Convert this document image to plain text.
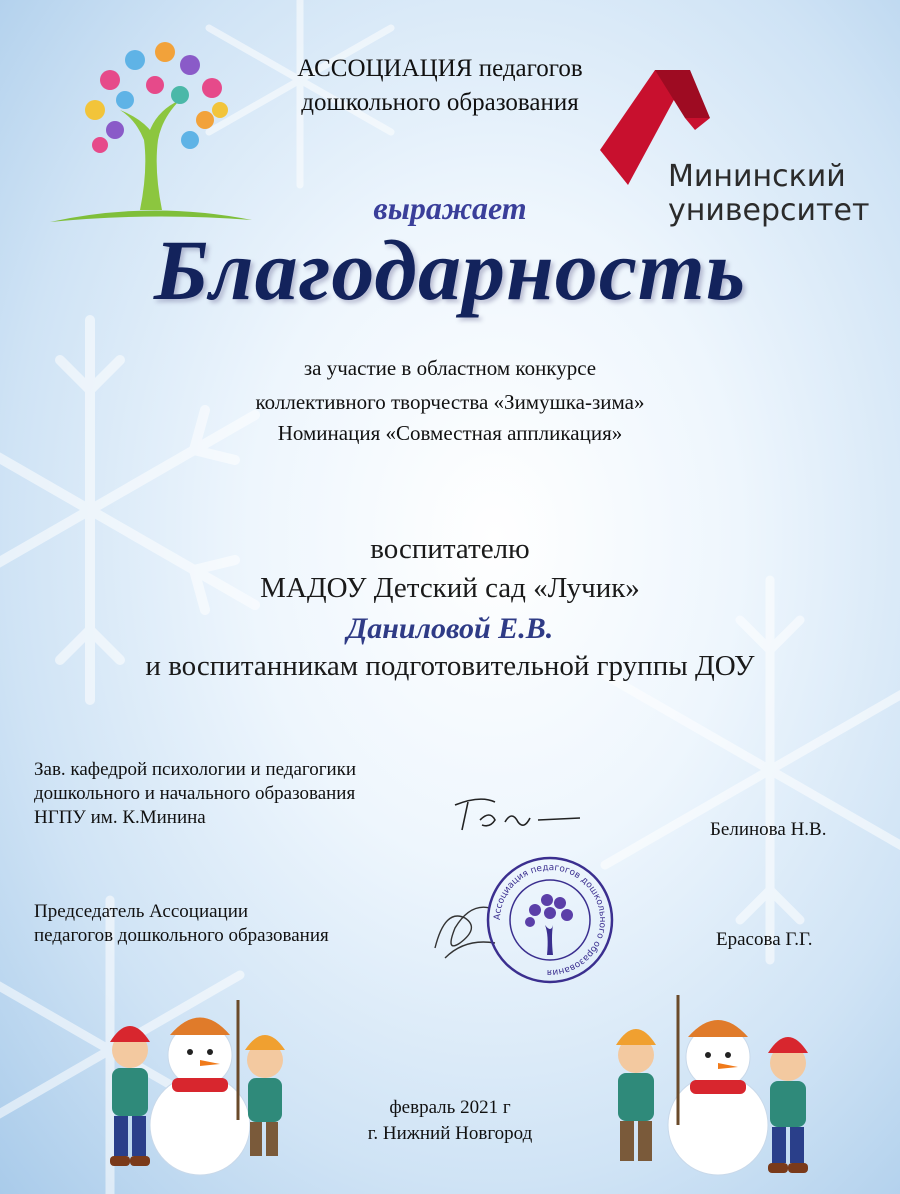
АССОЦИАЦИЯ педагогов
дошкольного образования
Мининский
университет
выражает
Благодарность
за участие в областном конкурсе
коллективного творчества «Зимушка-зима»
Номинация «Совместная аппликация»
воспитателю
МАДОУ Детский сад «Лучик»
Даниловой Е.В.
и воспитанникам подготовительной группы ДОУ
Зав. кафедрой психологии и педагогики
дошкольного и начального образования
НГПУ им. К.Минина
Белинова Н.В.
Председатель Ассоциации
педагогов дошкольного образования
Ассоциация педагогов дошкольного образования
Ерасова Г.Г.
февраль 2021 г
г. Нижний Новгород
